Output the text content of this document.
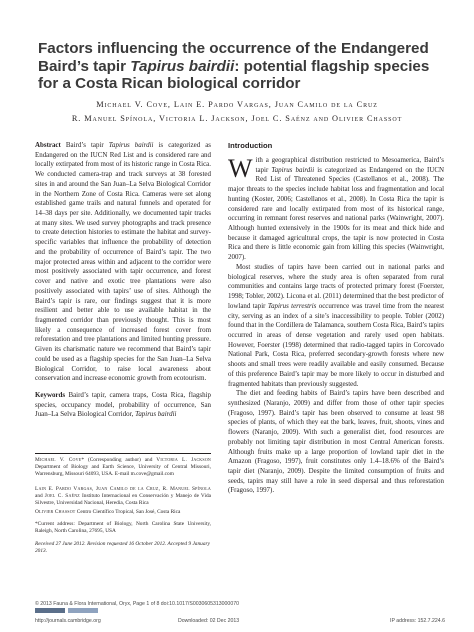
Factors influencing the occurrence of the Endangered Baird’s tapir Tapirus bairdii: potential flagship species for a Costa Rican biological corridor
Michael V. Cove, Lain E. Pardo Vargas, Juan Camilo de la Cruz
R. Manuel Spínola, Victoria L. Jackson, Joel C. Saénz and Olivier Chassot

Abstract Baird’s tapir Tapirus bairdii is categorized as Endangered on the IUCN Red List and is considered rare and locally extirpated from most of its historic range in Costa Rica. We conducted camera-trap and track surveys at 38 forested sites in and around the San Juan–La Selva Biological Corridor in the Northern Zone of Costa Rica. Cameras were set along established game trails and natural funnels and operated for 14–38 days per site. Additionally, we documented tapir tracks at many sites. We used survey photographs and track presence to create detection histories to estimate the habitat and survey-specific variables that influence the probability of detection and the probability of occurrence of Baird’s tapir. The two major protected areas within and adjacent to the corridor were most positively associated with tapir occurrence, and forest cover and native and exotic tree plantations were also positively associated with tapirs’ use of sites. Although the Baird’s tapir is rare, our findings suggest that it is more resilient and better able to use available habitat in the fragmented corridor than previously thought. This is most likely a consequence of increased forest cover from reforestation and tree plantations and limited hunting pressure. Given its charismatic nature we recommend that Baird’s tapir could be used as a flagship species for the San Juan–La Selva Biological Corridor, to raise local awareness about conservation and increase economic growth from ecotourism.

Keywords Baird’s tapir, camera traps, Costa Rica, flagship species, occupancy model, probability of occurrence, San Juan–La Selva Biological Corridor, Tapirus bairdii

Michael V. Cove* (Corresponding author) and Victoria L. Jackson Department of Biology and Earth Science, University of Central Missouri, Warrensburg, Missouri 64093, USA. E-mail m.cove@gmail.com

Lain E. Pardo Vargas, Juan Camilo de la Cruz, R. Manuel Spínola and Joel C. Saénz Instituto Internacional en Conservación y Manejo de Vida Silvestre, Universidad Nacional, Heredia, Costa Rica

Olivier Chassot Centro Científico Tropical, San José, Costa Rica

*Current address: Department of Biology, North Carolina State University, Raleigh, North Carolina, 27695, USA

Received 27 June 2012. Revision requested 16 October 2012. Accepted 9 January 2013.

Introduction

With a geographical distribution restricted to Mesoamerica, Baird’s tapir Tapirus bairdii is categorized as Endangered on the IUCN Red List of Threatened Species (Castellanos et al., 2008). The major threats to the species include habitat loss and fragmentation and local hunting (Koster, 2006; Castellanos et al., 2008). In Costa Rica the tapir is considered rare and locally extirpated from most of its historical range, occurring in remnant forest reserves and national parks (Wainwright, 2007). Although hunted extensively in the 1900s for its meat and thick hide and because it damaged agricultural crops, the tapir is now protected in Costa Rica and there is little economic gain from killing this species (Wainwright, 2007).

Most studies of tapirs have been carried out in national parks and biological reserves, where the study area is often separated from rural communities and contains large tracts of protected primary forest (Foerster, 1998; Tobler, 2002). Licona et al. (2011) determined that the best predictor of lowland tapir Tapirus terrestris occurrence was travel time from the nearest city, serving as an index of a site’s inaccessibility to people. Tobler (2002) found that in the Cordillera de Talamanca, southern Costa Rica, Baird’s tapirs occurred in areas of dense vegetation and rarely used open habitats. However, Foerster (1998) determined that radio-tagged tapirs in Corcovado National Park, Costa Rica, preferred secondary-growth forests where new shoots and small trees were readily available and easily consumed. Because of this preference Baird’s tapir may be more likely to occur in disturbed and fragmented habitats than previously suggested.

The diet and feeding habits of Baird’s tapirs have been described and synthesized (Naranjo, 2009) and differ from those of other tapir species (Fragoso, 1997). Baird’s tapir has been observed to consume at least 98 species of plants, of which they eat the bark, leaves, fruit, shoots, vines and flowers (Naranjo, 2009). With such a generalist diet, food resources are probably not limiting tapir distribution in most Central American forests. Although fruits make up a large proportion of lowland tapir diet in the Amazon (Fragoso, 1997), fruit constitutes only 1.4–18.6% of the Baird’s tapir diet (Naranjo, 2009). Despite the limited consumption of fruits and seeds, tapirs may still have a role in seed dispersal and thus reforestation (Fragoso, 1997).

© 2013 Fauna & Flora International, Oryx, Page 1 of 8 doi:10.1017/S0030605313000070
http://journals.cambridge.org	Downloaded: 02 Dec 2013	IP address: 152.7.224.6
